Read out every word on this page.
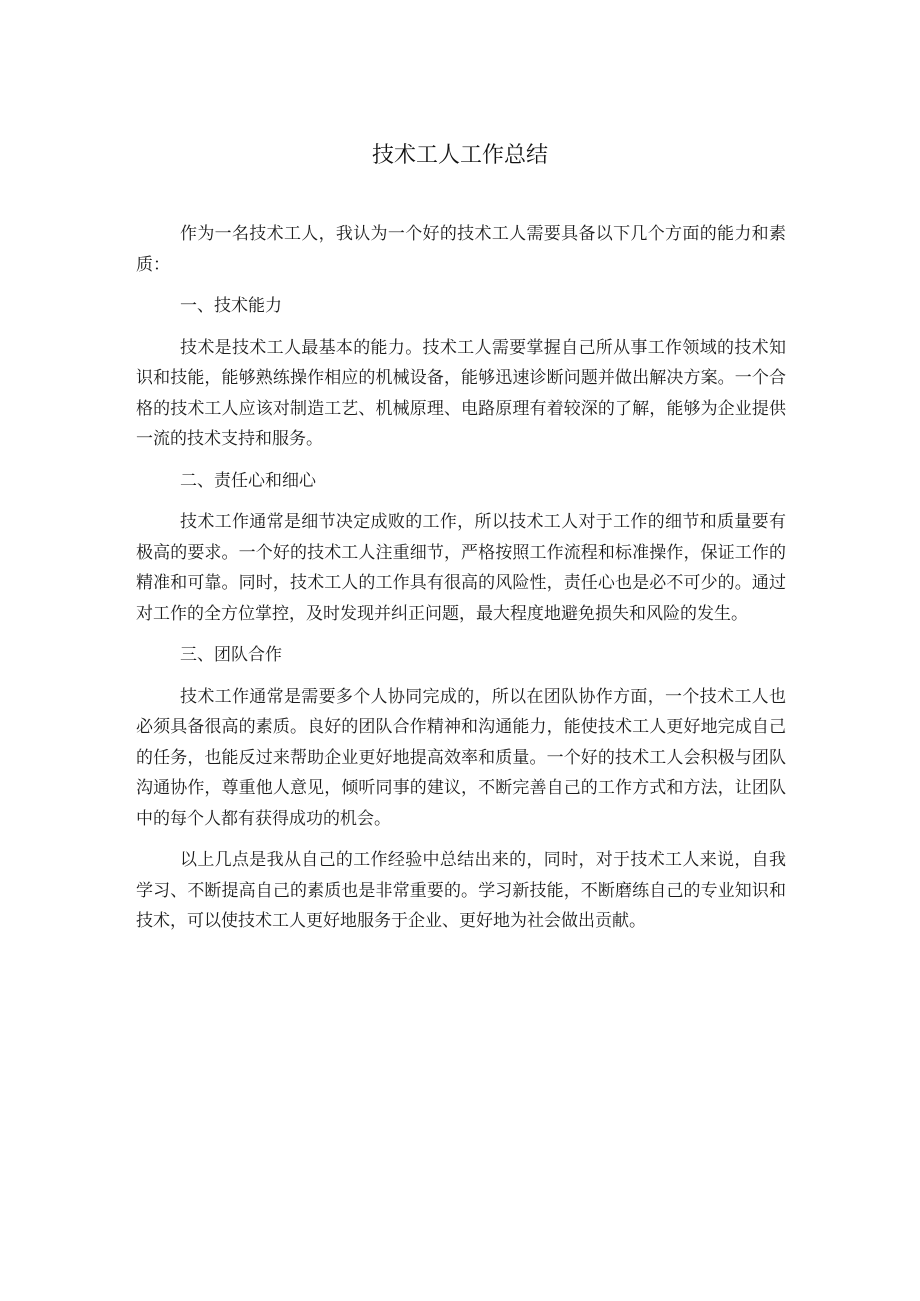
技术工人工作总结

作为一名技术工人，我认为一个好的技术工人需要具备以下几个方面的能力和素质：

一、技术能力

技术是技术工人最基本的能力。技术工人需要掌握自己所从事工作领域的技术知识和技能，能够熟练操作相应的机械设备，能够迅速诊断问题并做出解决方案。一个合格的技术工人应该对制造工艺、机械原理、电路原理有着较深的了解，能够为企业提供一流的技术支持和服务。

二、责任心和细心

技术工作通常是细节决定成败的工作，所以技术工人对于工作的细节和质量要有极高的要求。一个好的技术工人注重细节，严格按照工作流程和标准操作，保证工作的精准和可靠。同时，技术工人的工作具有很高的风险性，责任心也是必不可少的。通过对工作的全方位掌控，及时发现并纠正问题，最大程度地避免损失和风险的发生。

三、团队合作

技术工作通常是需要多个人协同完成的，所以在团队协作方面，一个技术工人也必须具备很高的素质。良好的团队合作精神和沟通能力，能使技术工人更好地完成自己的任务，也能反过来帮助企业更好地提高效率和质量。一个好的技术工人会积极与团队沟通协作，尊重他人意见，倾听同事的建议，不断完善自己的工作方式和方法，让团队中的每个人都有获得成功的机会。

以上几点是我从自己的工作经验中总结出来的，同时，对于技术工人来说，自我学习、不断提高自己的素质也是非常重要的。学习新技能，不断磨练自己的专业知识和技术，可以使技术工人更好地服务于企业、更好地为社会做出贡献。
